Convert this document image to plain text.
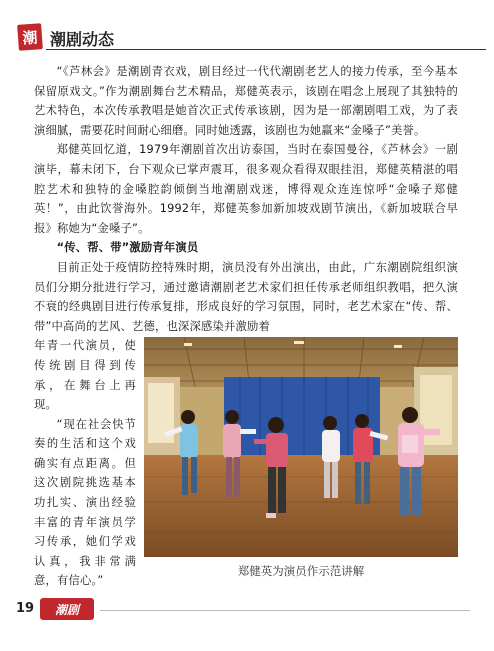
潮 潮剧动态

“《芦林会》是潮剧青衣戏，剧目经过一代代潮剧老艺人的接力传承，至今基本保留原戏文。”作为潮剧舞台艺术精品，郑健英表示，该剧在唱念上展现了其独特的艺术特色，本次传承教唱是她首次正式传承该剧，因为是一部潮剧唱工戏，为了表演细腻，需要花时间耐心细磨。同时她透露，该剧也为她赢来“金嗓子”美誉。

郑健英回忆道，1979年潮剧首次出访泰国，当时在泰国曼谷，《芦林会》一剧演毕，幕未闭下，台下观众已掌声震耳，很多观众看得双眼挂泪，郑健英精湛的唱腔艺术和独特的金嗓腔韵倾倒当地潮剧戏迷，博得观众连连惊呼“金嗓子郑健英！”，由此饮誉海外。1992年，郑健英参加新加坡戏剧节演出，《新加坡联合早报》称她为“金嗓子”。

“传、帮、带”激励青年演员

目前正处于疫情防控特殊时期，演员没有外出演出，由此，广东潮剧院组织演员们分期分批进行学习，通过邀请潮剧老艺术家们担任传承老师组织教唱，把久演不衰的经典剧目进行传承复排，形成良好的学习氛围，同时，老艺术家在“传、帮、带”中高尚的艺风、艺德，也深深感染并激励着

年青一代演员，使传统剧目得到传承，在舞台上再现。

“现在社会快节奏的生活和这个戏确实有点距离。但这次剧院挑选基本功扎实、演出经验丰富的青年演员学习传承，她们学戏认真，我非常满意，有信心。”

郑健英为演员作示范讲解
19	潮剧
